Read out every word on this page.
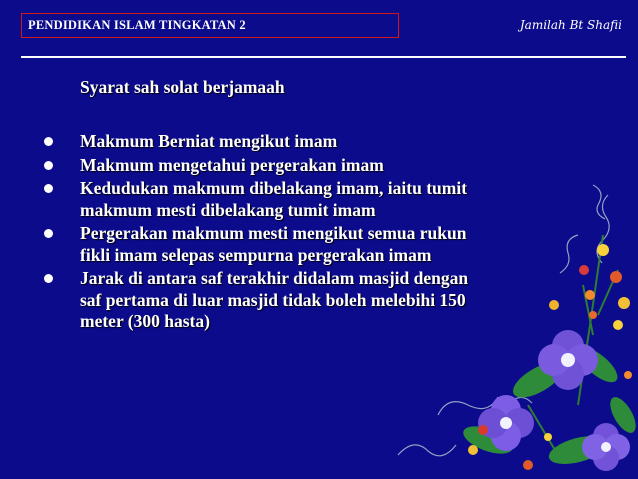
PENDIDIKAN ISLAM TINGKATAN 2	Jamilah Bt Shafii
Syarat sah solat berjamaah
Makmum Berniat mengikut imam
Makmum mengetahui pergerakan imam
Kedudukan makmum dibelakang imam, iaitu tumit
makmum mesti dibelakang tumit imam
Pergerakan makmum mesti mengikut semua rukun
fikli imam selepas sempurna pergerakan imam
Jarak di antara saf terakhir didalam masjid dengan
saf pertama di luar masjid tidak boleh melebihi 150
meter (300 hasta)
